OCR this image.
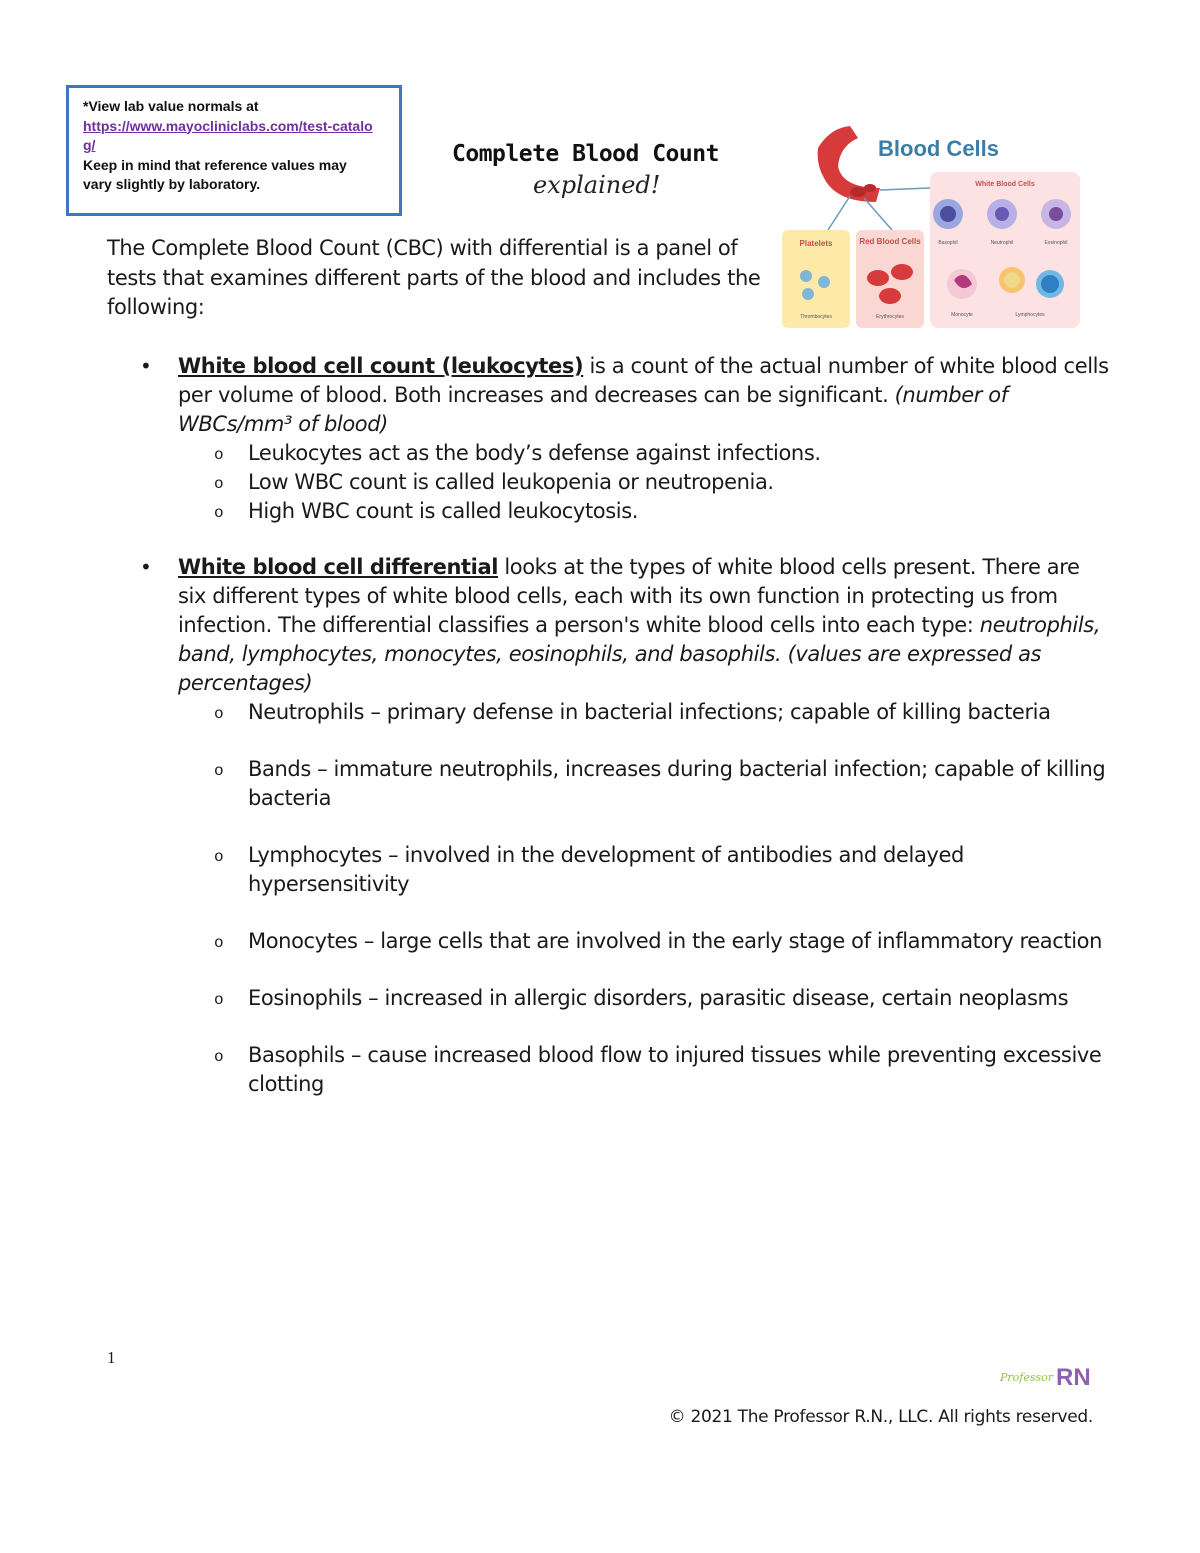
*View lab value normals at
https://www.mayocliniclabs.com/test-catalog/
Keep in mind that reference values may vary slightly by laboratory.
Complete Blood Count
explained!
Blood Cells
Platelets
Thrombocytes
Red Blood Cells
Erythrocytes
White Blood Cells
Basophil	Neutrophil	Eosinophil
Monocyte	Lymphocytes
The Complete Blood Count (CBC) with differential is a panel of tests that examines different parts of the blood and includes the following:
• White blood cell count (leukocytes) is a count of the actual number of white blood cells per volume of blood. Both increases and decreases can be significant. (number of WBCs/mm³ of blood)
o Leukocytes act as the body’s defense against infections.
o Low WBC count is called leukopenia or neutropenia.
o High WBC count is called leukocytosis.
• White blood cell differential looks at the types of white blood cells present. There are six different types of white blood cells, each with its own function in protecting us from infection. The differential classifies a person's white blood cells into each type: neutrophils, band, lymphocytes, monocytes, eosinophils, and basophils. (values are expressed as percentages)
o Neutrophils – primary defense in bacterial infections; capable of killing bacteria
o Bands – immature neutrophils, increases during bacterial infection; capable of killing bacteria
o Lymphocytes – involved in the development of antibodies and delayed hypersensitivity
o Monocytes – large cells that are involved in the early stage of inflammatory reaction
o Eosinophils – increased in allergic disorders, parasitic disease, certain neoplasms
o Basophils – cause increased blood flow to injured tissues while preventing excessive clotting
1
Professor RN
© 2021 The Professor R.N., LLC. All rights reserved.
